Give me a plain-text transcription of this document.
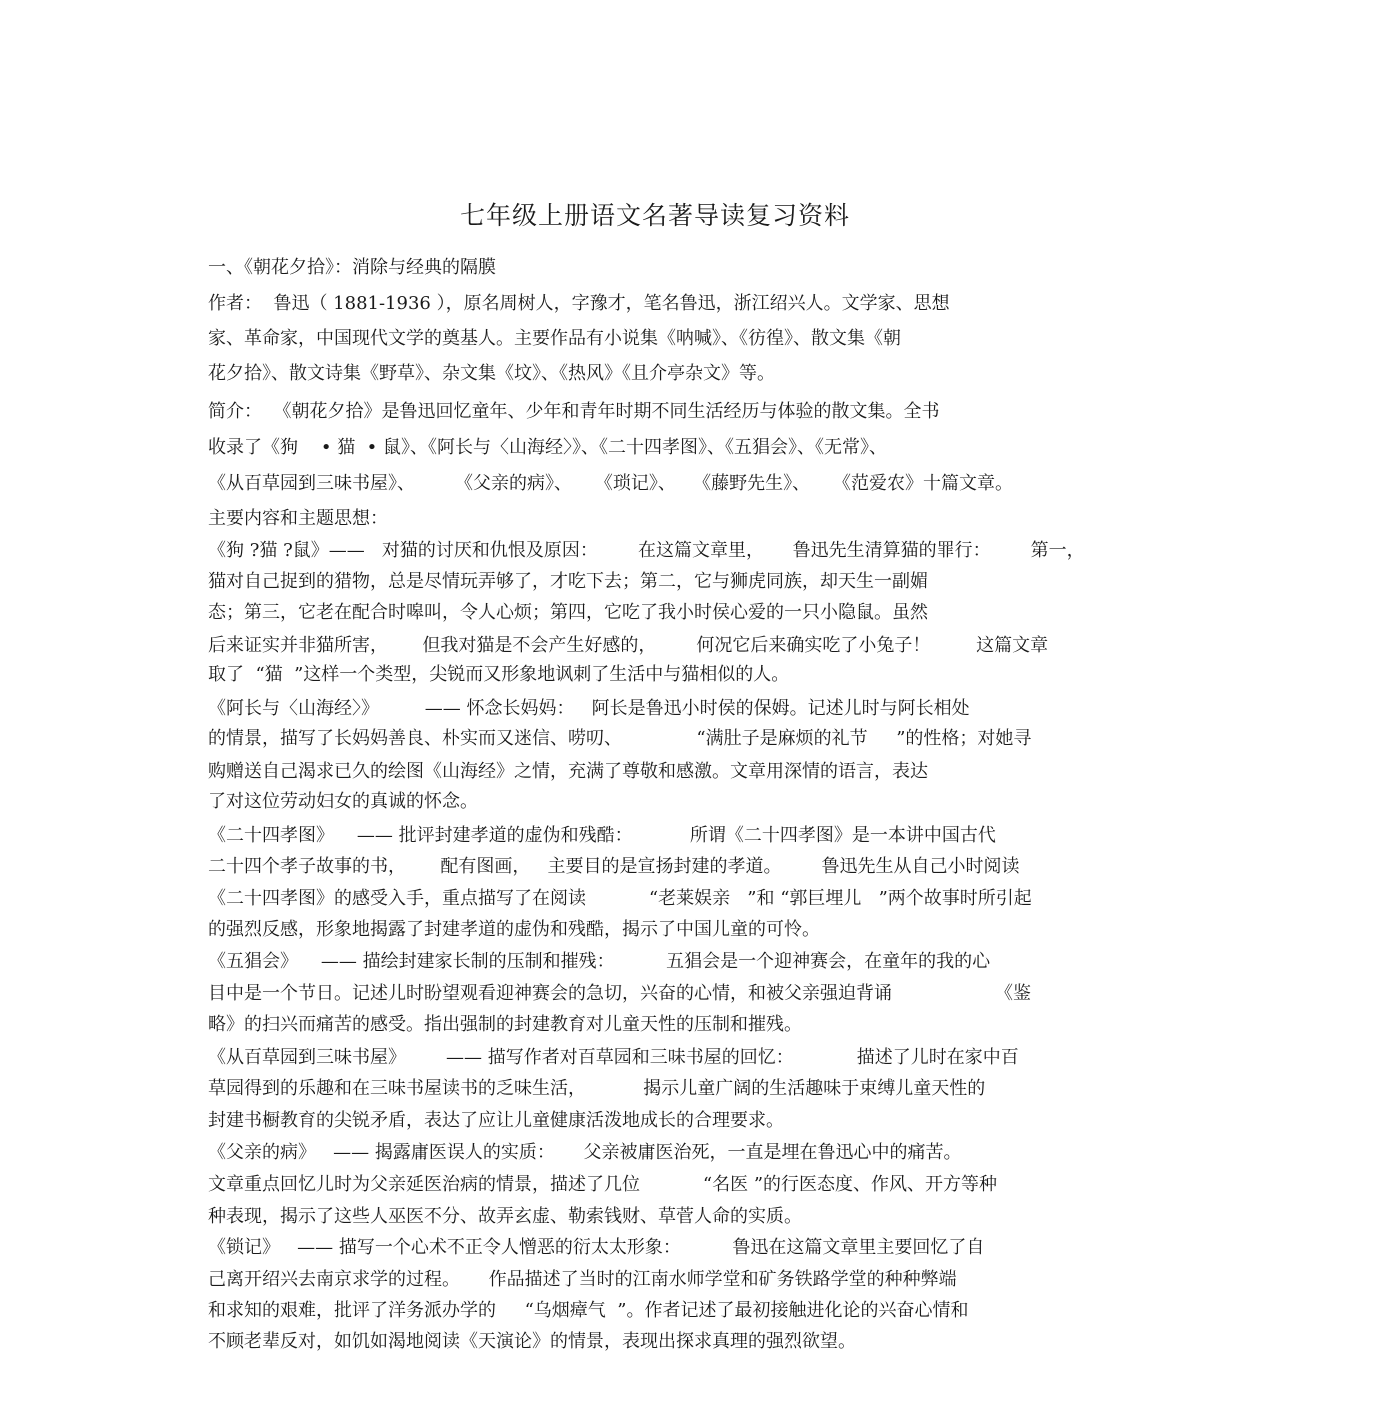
七年级上册语文名著导读复习资料
一、《朝花夕拾》：消除与经典的隔膜
作者：  鲁迅（ 1881-1936 ），原名周树人，字豫才，笔名鲁迅，浙江绍兴人。文学家、思想
家、革命家，中国现代文学的奠基人。主要作品有小说集《呐喊》、《彷徨》、散文集《朝
花夕拾》、散文诗集《野草》、杂文集《坟》、《热风》《且介亭杂文》等。
简介：  《朝花夕拾》是鲁迅回忆童年、少年和青年时期不同生活经历与体验的散文集。全书
收录了《狗    • 猫  • 鼠》、《阿长与〈山海经〉》、《二十四孝图》、《五猖会》、《无常》、
《从百草园到三味书屋》、       《父亲的病》、    《琐记》、   《藤野先生》、    《范爱农》十篇文章。
主要内容和主题思想：
《狗 ?猫 ?鼠》——   对猫的讨厌和仇恨及原因：       在这篇文章里，     鲁迅先生清算猫的罪行：       第一，
猫对自己捉到的猎物，总是尽情玩弄够了，才吃下去；第二，它与狮虎同族，却天生一副媚
态；第三，它老在配合时嗥叫，令人心烦；第四，它吃了我小时侯心爱的一只小隐鼠。虽然
后来证实并非猫所害，      但我对猫是不会产生好感的，       何况它后来确实吃了小兔子！        这篇文章
取了  “猫  ”这样一个类型，尖锐而又形象地讽刺了生活中与猫相似的人。
《阿长与〈山海经〉》        —— 怀念长妈妈：   阿长是鲁迅小时侯的保姆。记述儿时与阿长相处
的情景，描写了长妈妈善良、朴实而又迷信、唠叨、             “满肚子是麻烦的礼节     ”的性格；对她寻
购赠送自己渴求已久的绘图《山海经》之情，充满了尊敬和感激。文章用深情的语言，表达
了对这位劳动妇女的真诚的怀念。
《二十四孝图》    —— 批评封建孝道的虚伪和残酷：          所谓《二十四孝图》是一本讲中国古代
二十四个孝子故事的书，      配有图画，   主要目的是宣扬封建的孝道。       鲁迅先生从自己小时阅读
《二十四孝图》的感受入手，重点描写了在阅读           “老莱娱亲   ”和 “郭巨埋儿   ”两个故事时所引起
的强烈反感，形象地揭露了封建孝道的虚伪和残酷，揭示了中国儿童的可怜。
《五猖会》    —— 描绘封建家长制的压制和摧残：         五猖会是一个迎神赛会，在童年的我的心
目中是一个节日。记述儿时盼望观看迎神赛会的急切，兴奋的心情，和被父亲强迫背诵                  《鉴
略》的扫兴而痛苦的感受。指出强制的封建教育对儿童天性的压制和摧残。
《从百草园到三味书屋》       —— 描写作者对百草园和三味书屋的回忆：           描述了儿时在家中百
草园得到的乐趣和在三味书屋读书的乏味生活，          揭示儿童广阔的生活趣味于束缚儿童天性的
封建书橱教育的尖锐矛盾，表达了应让儿童健康活泼地成长的合理要求。
《父亲的病》   —— 揭露庸医误人的实质：     父亲被庸医治死，一直是埋在鲁迅心中的痛苦。
文章重点回忆儿时为父亲延医治病的情景，描述了几位           “名医 ”的行医态度、作风、开方等种
种表现，揭示了这些人巫医不分、故弄玄虚、勒索钱财、草菅人命的实质。
《锁记》   —— 描写一个心术不正令人憎恶的衍太太形象：         鲁迅在这篇文章里主要回忆了自
己离开绍兴去南京求学的过程。     作品描述了当时的江南水师学堂和矿务铁路学堂的种种弊端
和求知的艰难，批评了洋务派办学的     “乌烟瘴气  ”。作者记述了最初接触进化论的兴奋心情和
不顾老辈反对，如饥如渴地阅读《天演论》的情景，表现出探求真理的强烈欲望。
